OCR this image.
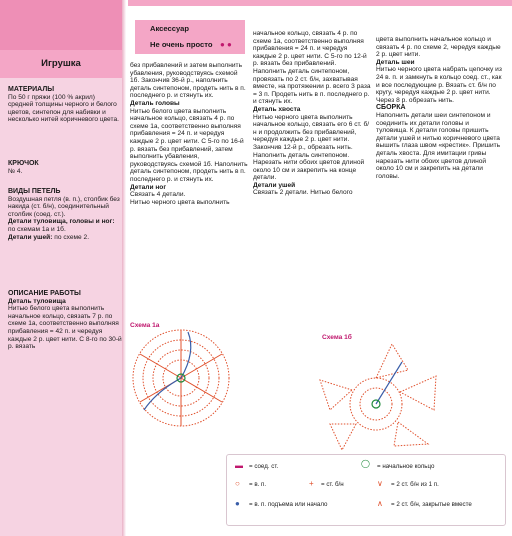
Игрушка
МАТЕРИАЛЫ
По 50 г пряжи (100 % акрил) средней толщины черного и белого цветов, синтепон для набивки и несколько нитей коричневого цвета.
КРЮЧОК
№ 4.
ВИДЫ ПЕТЕЛЬ
Воздушная петля (в. п.), столбик без накида (ст. б/н), соединительный столбик (соед. ст.).
Детали туловища, головы и ног: по схемам 1а и 1б.
Детали ушей: по схеме 2.
ОПИСАНИЕ РАБОТЫ
Деталь туловища
Нитью белого цвета выполнить начальное кольцо, связать 7 р. по схеме 1а, соответственно выполняя прибавления = 42 п. и чередуя каждые 2 р. цвет нити. С 8-го по 30-й р. вязать
Аксессуар
Не очень просто ● ●
без прибавлений и затем выполнить убавления, руководствуясь схемой 1б. Закончив 36-й р., наполнить деталь синтепоном, продеть нить в п. последнего р. и стянуть их.
Деталь головы
Нитью белого цвета выполнить начальное кольцо, связать 4 р. по схеме 1а, соответственно выполняя прибавления = 24 п. и чередуя каждые 2 р. цвет нити. С 5-го по 16-й р. вязать без прибавлений, затем выполнить убавления, руководствуясь схемой 1б. Наполнить деталь синтепоном, продеть нить в п. последнего р. и стянуть их.
Детали ног
Связать 4 детали.
Нитью черного цвета выполнить
начальное кольцо, связать 4 р. по схеме 1а, соответственно выполняя прибавления = 24 п. и чередуя каждые 2 р. цвет нити. С 5-го по 12-й р. вязать без прибавлений.
Наполнить деталь синтепоном, провязать по 2 ст. б/н, захватывая вместе, на протяжении р. всего 3 раза = 3 п. Продеть нить в п. последнего р. и стянуть их.
Деталь хвоста
Нитью черного цвета выполнить начальное кольцо, связать его 6 ст. б/н и продолжить без прибавлений, чередуя каждые 2 р. цвет нити. Закончив 12-й р., обрезать нить.
Наполнить деталь синтепоном. Нарезать нити обоих цветов длиной около 10 см и закрепить на конце детали.
Детали ушей
Связать 2 детали. Нитью белого
цвета выполнить начальное кольцо и связать 4 р. по схеме 2, чередуя каждые 2 р. цвет нити.
Деталь шеи
Нитью черного цвета набрать цепочку из 24 в. п. и замкнуть в кольцо соед. ст., как и все последующие р. Вязать ст. б/н по кругу, чередуя каждые 2 р. цвет нити. Через 8 р. обрезать нить.
СБОРКА
Наполнить детали шеи синтепоном и соединить их детали головы и туловища. К детали головы пришить детали ушей и нитью коричневого цвета вышить глаза швом «крестик». Пришить деталь хвоста. Для имитации гривы нарезать нити обоих цветов длиной около 10 см и закрепить на детали головы.
Схема 1а
Схема 1б
▬ = соед. ст.	◯ = начальное кольцо
○ = в. п.	+ = ст. б/н	∨ = 2 ст. б/н из 1 п.
● = в. п. подъема или начало	∧ = 2 ст. б/н, закрытые вместе
